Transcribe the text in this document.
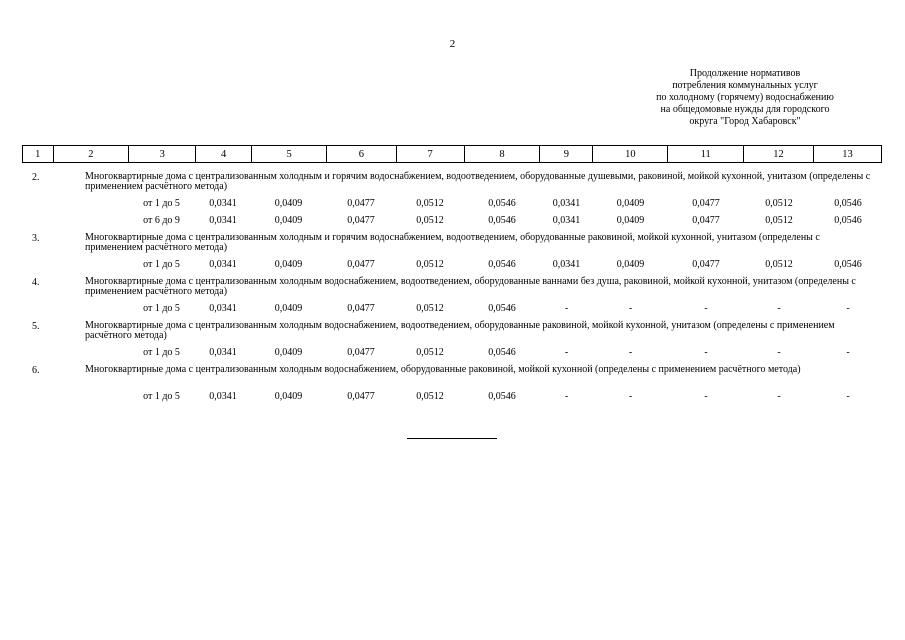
2
Продолжение нормативов
потребления коммунальных услуг
по холодному (горячему) водоснабжению
на общедомовые нужды для городского
округа "Город Хабаровск"
1	2	3	4	5	6	7	8	9	10	11	12	13
2.	Многоквартирные дома с централизованным холодным и горячим водоснабжением, водоотведением, оборудованные душевыми, раковиной, мойкой кухонной, унитазом (определены с применением расчётного метода)
от 1 до 5	0,0341	0,0409	0,0477	0,0512	0,0546	0,0341	0,0409	0,0477	0,0512	0,0546
от 6 до 9	0,0341	0,0409	0,0477	0,0512	0,0546	0,0341	0,0409	0,0477	0,0512	0,0546
3.	Многоквартирные дома с централизованным холодным и горячим водоснабжением, водоотведением, оборудованные раковиной, мойкой кухонной, унитазом (определены с применением расчётного метода)
от 1 до 5	0,0341	0,0409	0,0477	0,0512	0,0546	0,0341	0,0409	0,0477	0,0512	0,0546
4.	Многоквартирные дома с централизованным холодным водоснабжением, водоотведением, оборудованные ваннами без душа, раковиной, мойкой кухонной, унитазом (определены с применением расчётного метода)
от 1 до 5	0,0341	0,0409	0,0477	0,0512	0,0546	-	-	-	-	-
5.	Многоквартирные дома с централизованным холодным водоснабжением, водоотведением, оборудованные раковиной, мойкой кухонной, унитазом (определены с применением расчётного метода)
от 1 до 5	0,0341	0,0409	0,0477	0,0512	0,0546	-	-	-	-	-
6.	Многоквартирные дома с централизованным холодным водоснабжением, оборудованные раковиной, мойкой кухонной (определены с применением расчётного метода)
от 1 до 5	0,0341	0,0409	0,0477	0,0512	0,0546	-	-	-	-	-
